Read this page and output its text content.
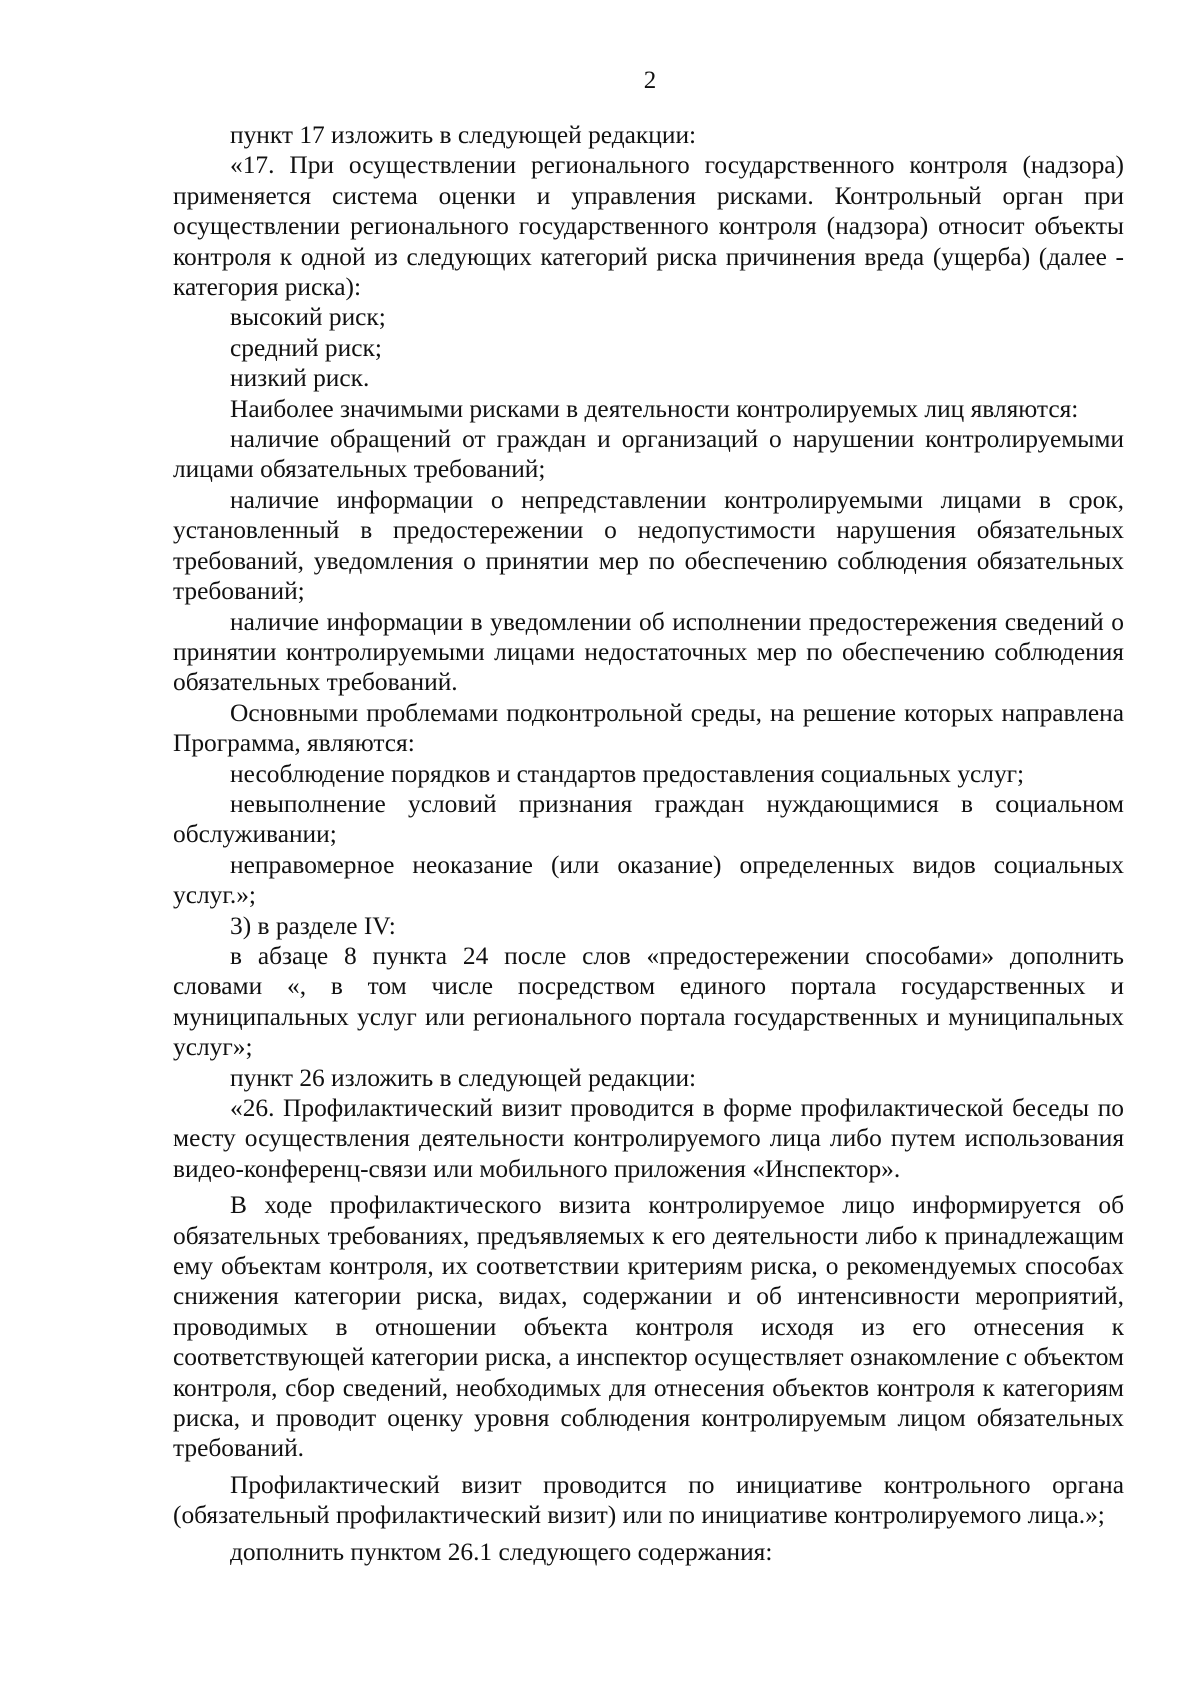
2

пункт 17 изложить в следующей редакции:

«17. При осуществлении регионального государственного контроля (надзора) применяется система оценки и управления рисками. Контрольный орган при осуществлении регионального государственного контроля (надзора) относит объекты контроля к одной из следующих категорий риска причинения вреда (ущерба) (далее - категория риска):

высокий риск;

средний риск;

низкий риск.

Наиболее значимыми рисками в деятельности контролируемых лиц являются:

наличие обращений от граждан и организаций о нарушении контролируемыми лицами обязательных требований;

наличие информации о непредставлении контролируемыми лицами в срок, установленный в предостережении о недопустимости нарушения обязательных требований, уведомления о принятии мер по обеспечению соблюдения обязательных требований;

наличие информации в уведомлении об исполнении предостережения сведений о принятии контролируемыми лицами недостаточных мер по обеспечению соблюдения обязательных требований.

Основными проблемами подконтрольной среды, на решение которых направлена Программа, являются:

несоблюдение порядков и стандартов предоставления социальных услуг;

невыполнение условий признания граждан нуждающимися в социальном обслуживании;

неправомерное неоказание (или оказание) определенных видов социальных услуг.»;

3) в разделе IV:

в абзаце 8 пункта 24 после слов «предостережении способами» дополнить словами «, в том числе посредством единого портала государственных и муниципальных услуг или регионального портала государственных и муниципальных услуг»;

пункт 26 изложить в следующей редакции:

«26. Профилактический визит проводится в форме профилактической беседы по месту осуществления деятельности контролируемого лица либо путем использования видео-конференц-связи или мобильного приложения «Инспектор».

В ходе профилактического визита контролируемое лицо информируется об обязательных требованиях, предъявляемых к его деятельности либо к принадлежащим ему объектам контроля, их соответствии критериям риска, о рекомендуемых способах снижения категории риска, видах, содержании и об интенсивности мероприятий, проводимых в отношении объекта контроля исходя из его отнесения к соответствующей категории риска, а инспектор осуществляет ознакомление с объектом контроля, сбор сведений, необходимых для отнесения объектов контроля к категориям риска, и проводит оценку уровня соблюдения контролируемым лицом обязательных требований.

Профилактический визит проводится по инициативе контрольного органа (обязательный профилактический визит) или по инициативе контролируемого лица.»;

дополнить пунктом 26.1 следующего содержания:
